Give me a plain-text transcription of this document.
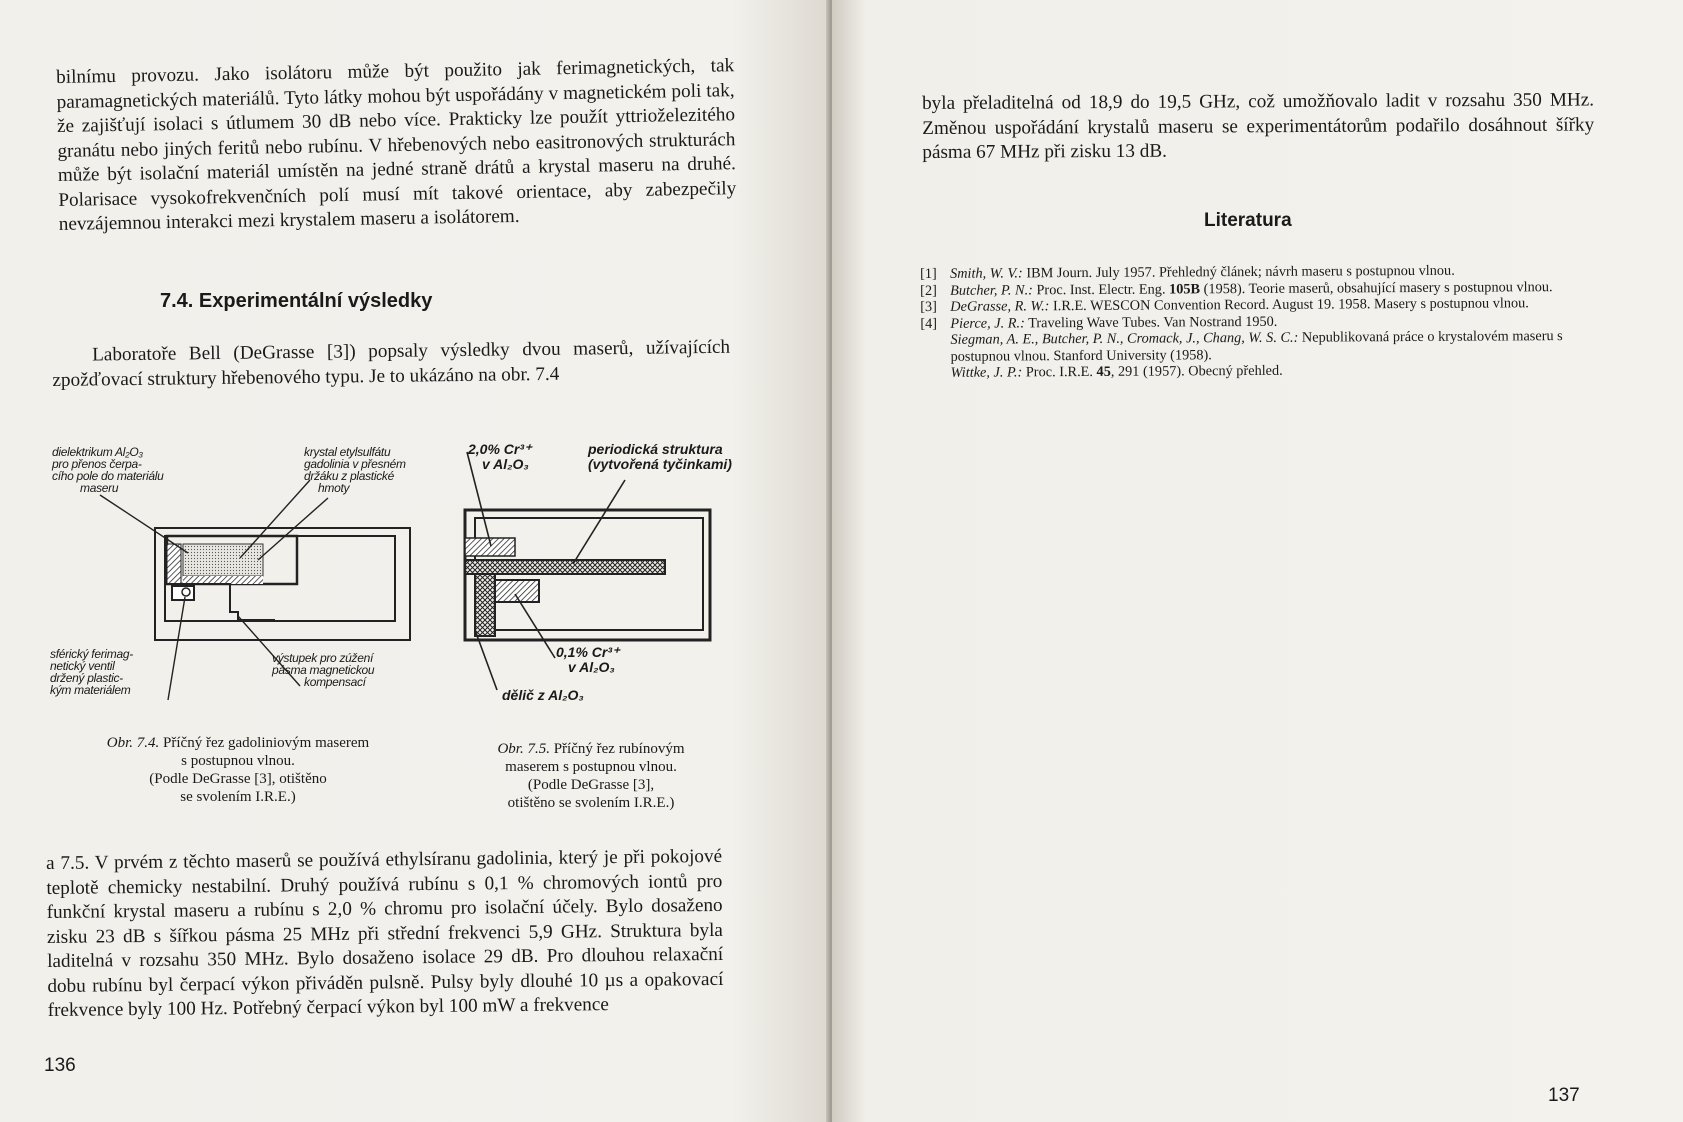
bilnímu provozu. Jako isolátoru může být použito jak ferimagnetických, tak paramagnetických materiálů. Tyto látky mohou být uspořádány v magnetickém poli tak, že zajišťují isolaci s útlumem 30 dB nebo více. Prakticky lze použít yttrioželezitého granátu nebo jiných feritů nebo rubínu. V hřebenových nebo easitronových strukturách může být isolační materiál umístěn na jedné straně drátů a krystal maseru na druhé. Polarisace vysokofrekvenčních polí musí mít takové orientace, aby zabezpečily nevzájemnou interakci mezi krystalem maseru a isolátorem.

7.4. Experimentální výsledky

Laboratoře Bell (DeGrasse [3]) popsaly výsledky dvou maserů, užívajících zpožďovací struktury hřebenového typu. Je to ukázáno na obr. 7.4

dielektrikum Al₂O₃
pro přenos čerpa-
cího pole do materiálu
maseru
krystal etylsulfátu
gadolinia v přesném
držáku z plastické
hmoty
sférický ferimag-
netický ventil
držený plastic-
kým materiálem
výstupek pro zúžení
pásma magnetickou
kompensací
Obr. 7.4. Příčný řez gadoliniovým maserem
s postupnou vlnou.
(Podle DeGrasse [3], otištěno
se svolením I.R.E.)
2,0% Cr³⁺
v Al₂O₃
periodická struktura
(vytvořená tyčinkami)
0,1% Cr³⁺
v Al₂O₃
dělič z Al₂O₃
Obr. 7.5. Příčný řez rubínovým
maserem s postupnou vlnou.
(Podle DeGrasse [3],
otištěno se svolením I.R.E.)

a 7.5. V prvém z těchto maserů se používá ethylsíranu gadolinia, který je při pokojové teplotě chemicky nestabilní. Druhý používá rubínu s 0,1 % chromových iontů pro funkční krystal maseru a rubínu s 2,0 % chromu pro isolační účely. Bylo dosaženo zisku 23 dB s šířkou pásma 25 MHz při střední frekvenci 5,9 GHz. Struktura byla laditelná v rozsahu 350 MHz. Bylo dosaženo isolace 29 dB. Pro dlouhou relaxační dobu rubínu byl čerpací výkon přiváděn pulsně. Pulsy byly dlouhé 10 µs a opakovací frekvence byly 100 Hz. Potřebný čerpací výkon byl 100 mW a frekvence

136

byla přeladitelná od 18,9 do 19,5 GHz, což umožňovalo ladit v rozsahu 350 MHz. Změnou uspořádání krystalů maseru se experimentátorům podařilo dosáhnout šířky pásma 67 MHz při zisku 13 dB.

Literatura
[1] Smith, W. V.: IBM Journ. July 1957. Přehledný článek; návrh maseru s postupnou vlnou.
[2] Butcher, P. N.: Proc. Inst. Electr. Eng. 105B (1958). Teorie maserů, obsahující masery s postupnou vlnou.
[3] DeGrasse, R. W.: I.R.E. WESCON Convention Record. August 19. 1958. Masery s postupnou vlnou.
[4] Pierce, J. R.: Traveling Wave Tubes. Van Nostrand 1950.
Siegman, A. E., Butcher, P. N., Cromack, J., Chang, W. S. C.: Nepublikovaná práce o krystalovém maseru s postupnou vlnou. Stanford University (1958).
Wittke, J. P.: Proc. I.R.E. 45, 291 (1957). Obecný přehled.
137
